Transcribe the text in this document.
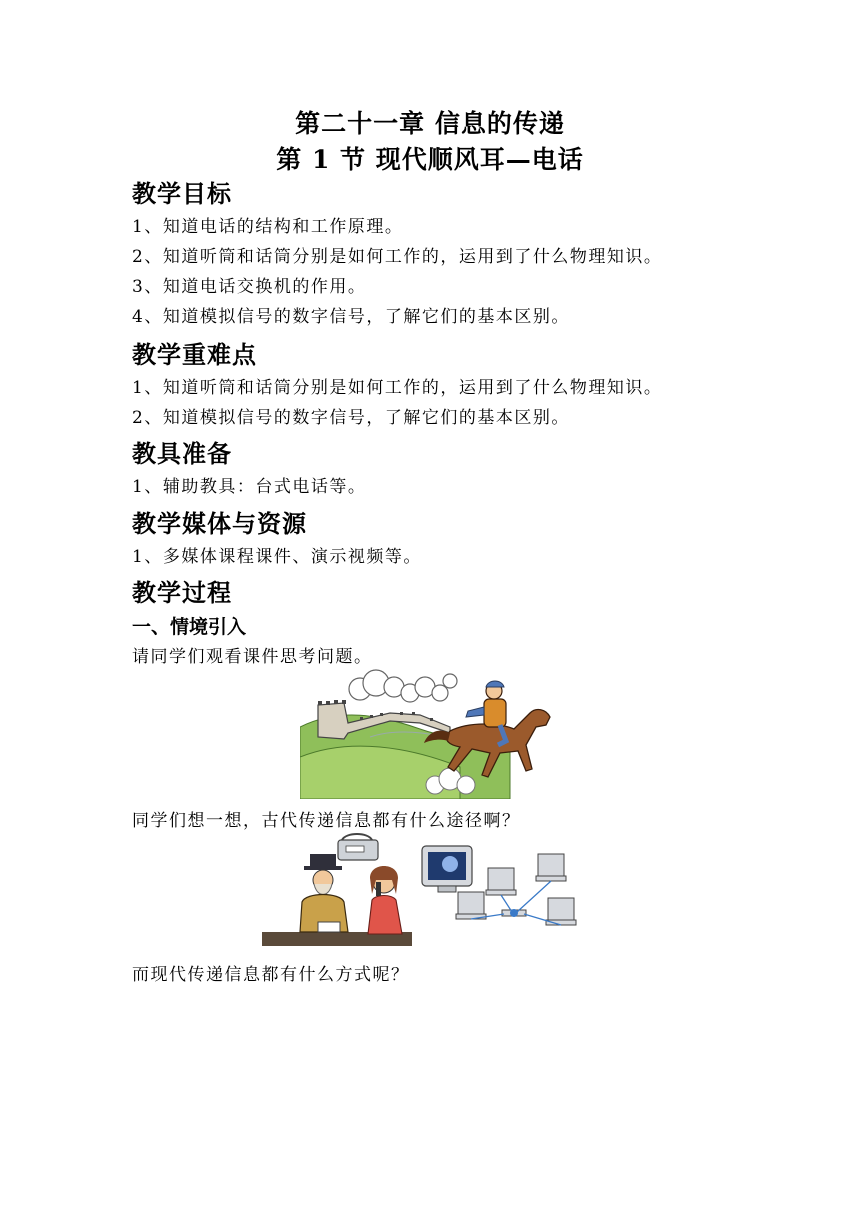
第二十一章 信息的传递
第 1 节 现代顺风耳—电话
教学目标
1、知道电话的结构和工作原理。
2、知道听筒和话筒分别是如何工作的，运用到了什么物理知识。
3、知道电话交换机的作用。
4、知道模拟信号的数字信号，了解它们的基本区别。
教学重难点
1、知道听筒和话筒分别是如何工作的，运用到了什么物理知识。
2、知道模拟信号的数字信号，了解它们的基本区别。
教具准备
1、辅助教具：台式电话等。
教学媒体与资源
1、多媒体课程课件、演示视频等。
教学过程
一、情境引入
请同学们观看课件思考问题。
同学们想一想，古代传递信息都有什么途径啊？
而现代传递信息都有什么方式呢？
